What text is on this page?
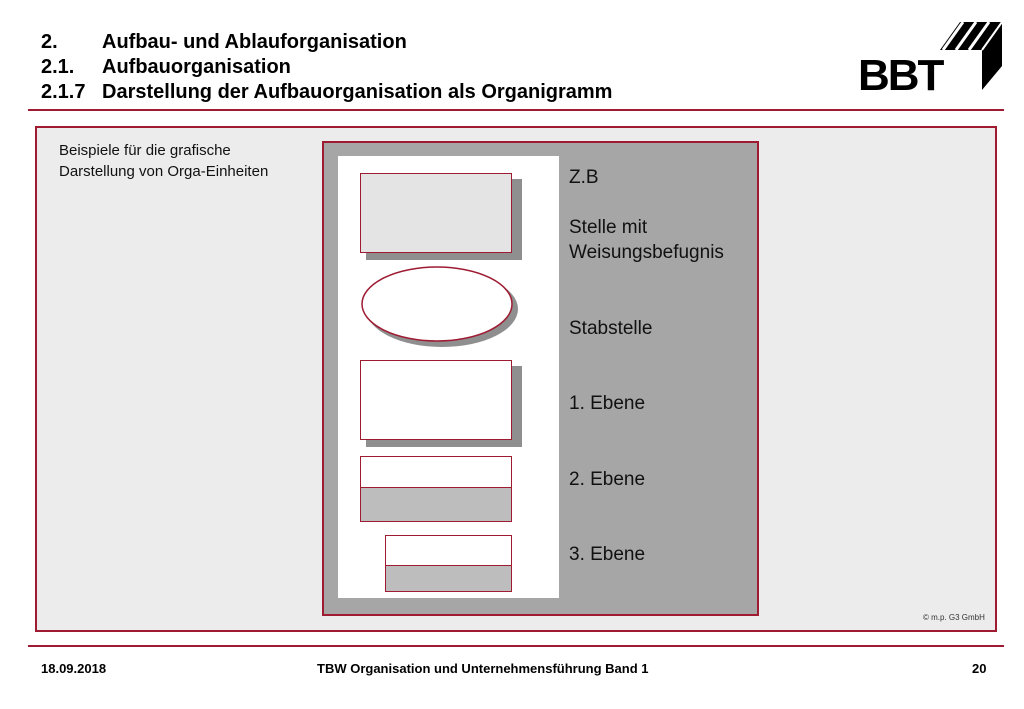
2. Aufbau- und Ablauforganisation
2.1. Aufbauorganisation
2.1.7 Darstellung der Aufbauorganisation als Organigramm	BBT
Beispiele für die grafische
Darstellung von Orga-Einheiten	Z.B
Stelle mit
Weisungsbefugnis
Stabstelle
1. Ebene
2. Ebene
3. Ebene
© m.p. G3 GmbH
18.09.2018	TBW Organisation und Unternehmensführung Band 1	20
